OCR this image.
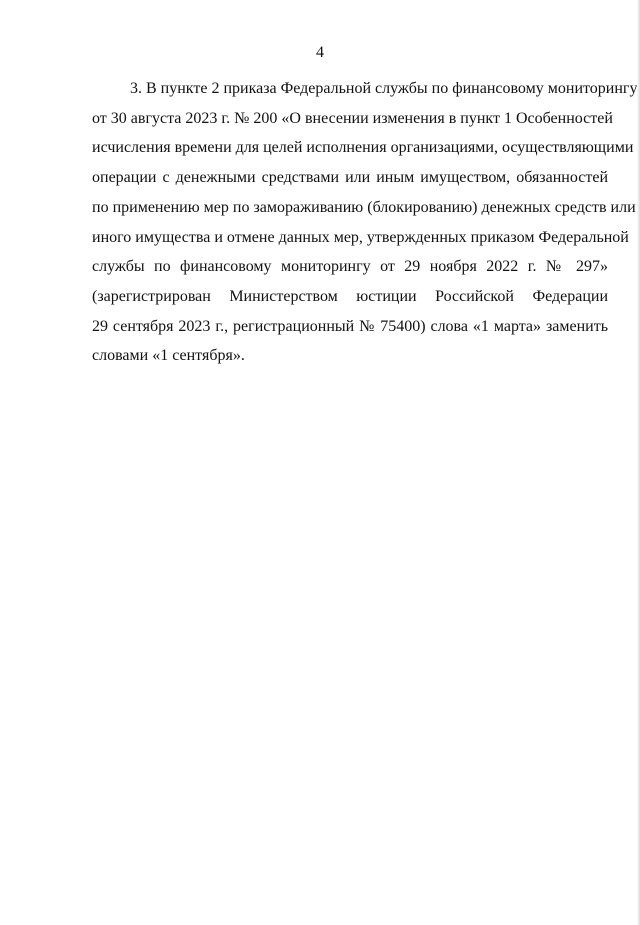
4
3. В пункте 2 приказа Федеральной службы по финансовому мониторингу
от 30 августа 2023 г. № 200 «О внесении изменения в пункт 1 Особенностей
исчисления времени для целей исполнения организациями, осуществляющими
операции с денежными средствами или иным имуществом, обязанностей
по применению мер по замораживанию (блокированию) денежных средств или
иного имущества и отмене данных мер, утвержденных приказом Федеральной
службы по финансовому мониторингу от 29 ноября 2022 г. № 297»
(зарегистрирован Министерством юстиции Российской Федерации
29 сентября 2023 г., регистрационный № 75400) слова «1 марта» заменить
словами «1 сентября».
